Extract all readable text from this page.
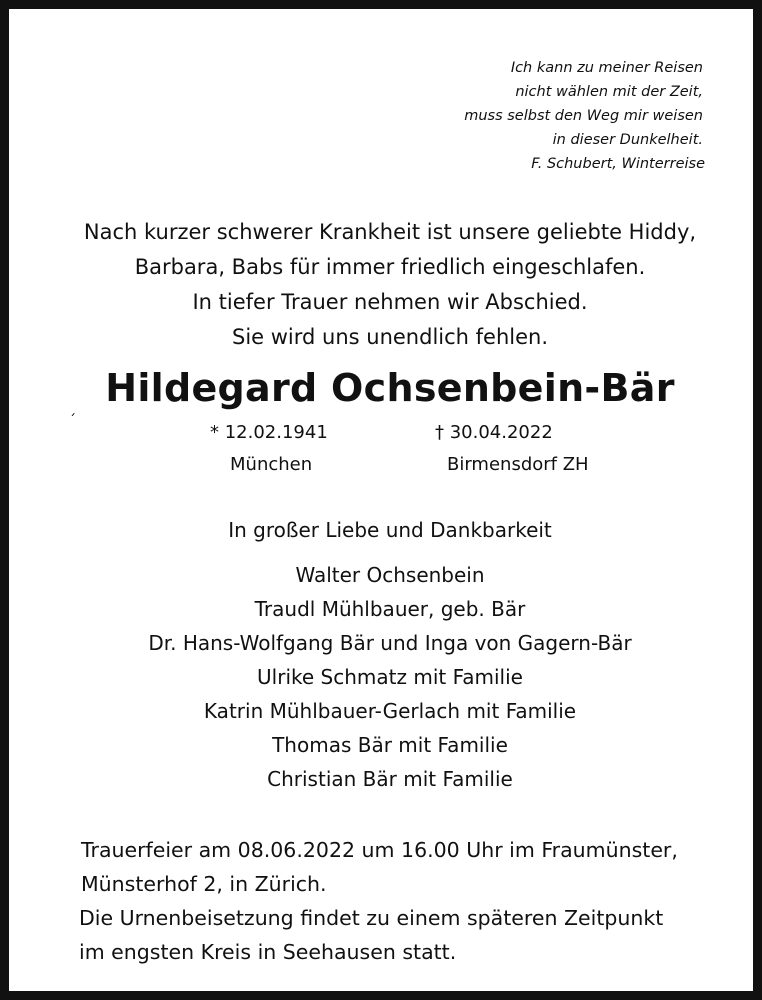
Ich kann zu meiner Reisen
nicht wählen mit der Zeit,
muss selbst den Weg mir weisen
in dieser Dunkelheit.
F. Schubert, Winterreise
Nach kurzer schwerer Krankheit ist unsere geliebte Hiddy,
Barbara, Babs für immer friedlich eingeschlafen.
In tiefer Trauer nehmen wir Abschied.
Sie wird uns unendlich fehlen.
Hildegard Ochsenbein-Bär
´
* 12.02.1941
München
† 30.04.2022
Birmensdorf ZH
In großer Liebe und Dankbarkeit
Walter Ochsenbein
Traudl Mühlbauer, geb. Bär
Dr. Hans-Wolfgang Bär und Inga von Gagern-Bär
Ulrike Schmatz mit Familie
Katrin Mühlbauer-Gerlach mit Familie
Thomas Bär mit Familie
Christian Bär mit Familie
Trauerfeier am 08.06.2022 um 16.00 Uhr im Fraumünster,
Münsterhof 2, in Zürich.
Die Urnenbeisetzung findet zu einem späteren Zeitpunkt
im engsten Kreis in Seehausen statt.
